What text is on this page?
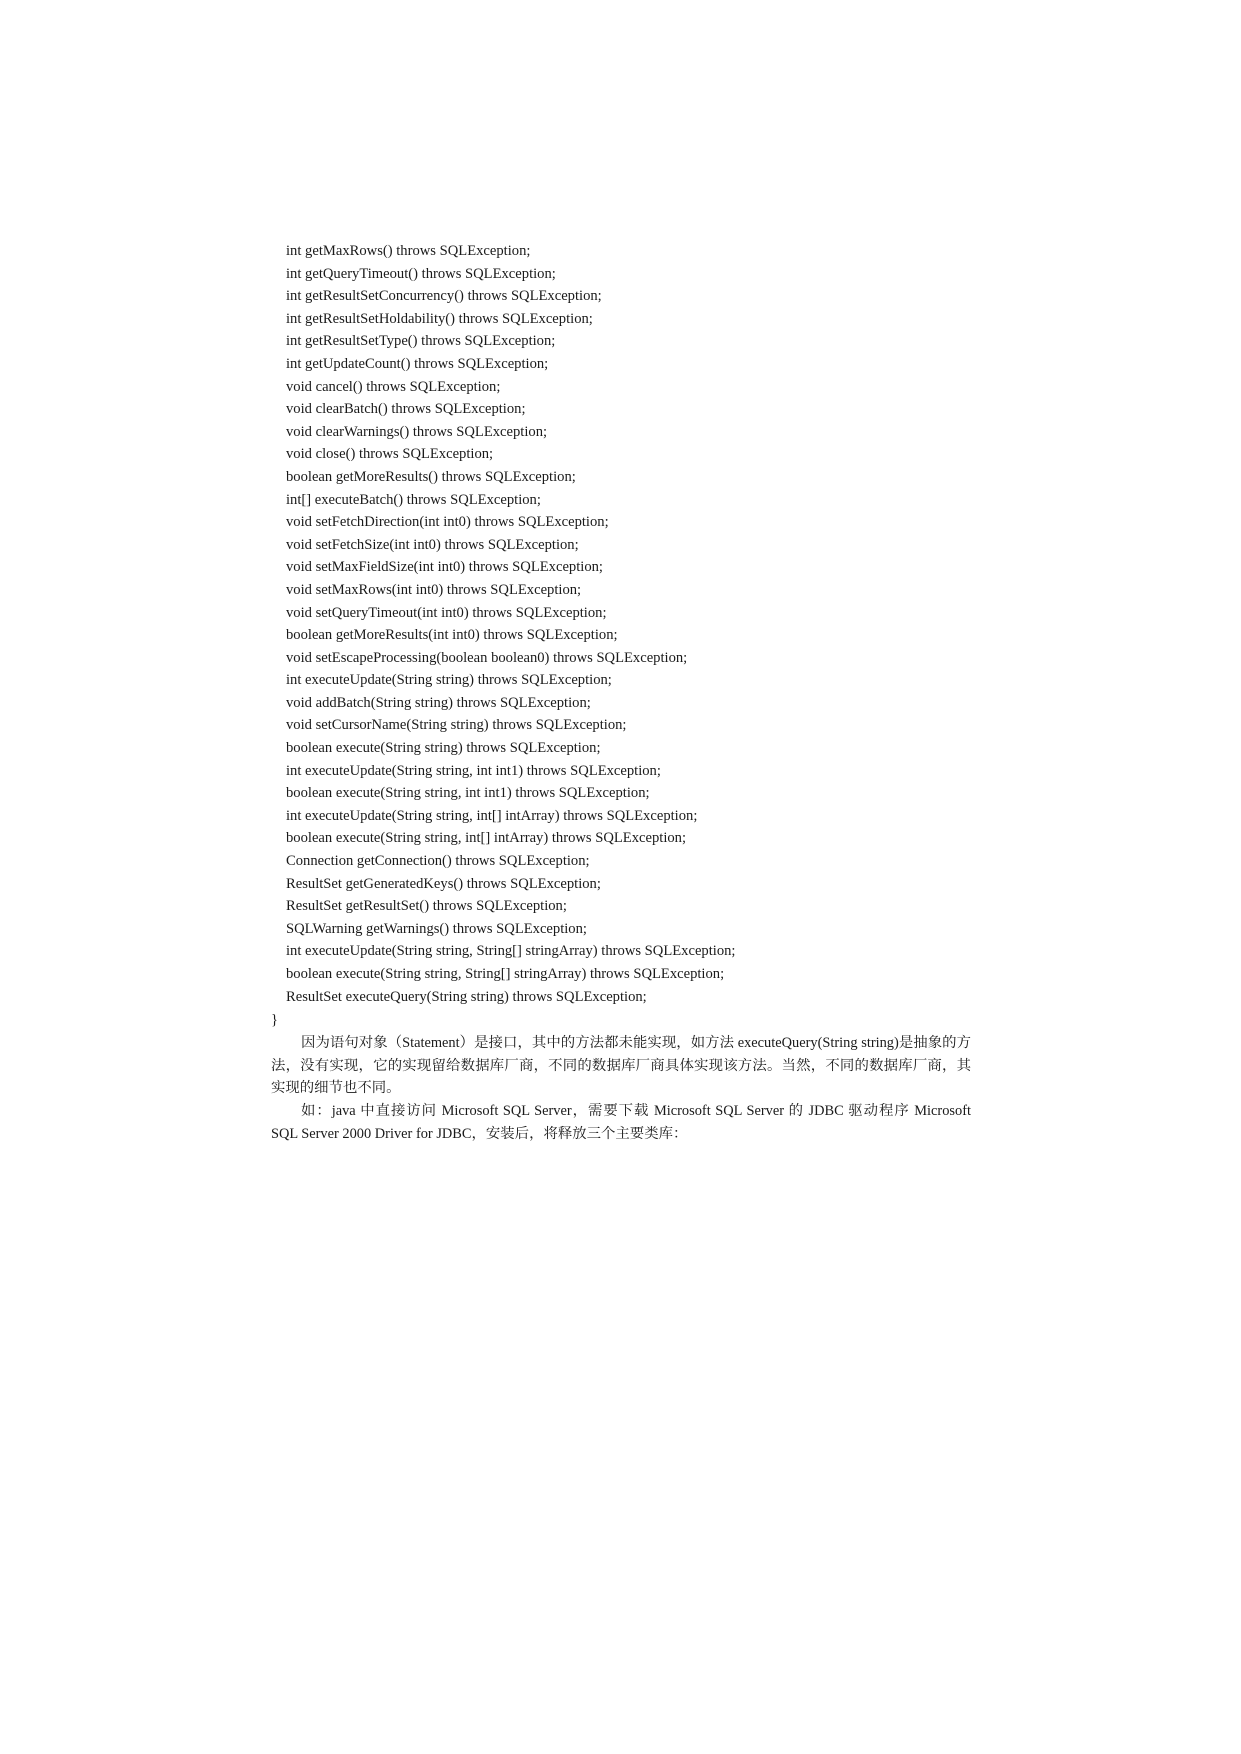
int getMaxRows() throws SQLException;
int getQueryTimeout() throws SQLException;
int getResultSetConcurrency() throws SQLException;
int getResultSetHoldability() throws SQLException;
int getResultSetType() throws SQLException;
int getUpdateCount() throws SQLException;
void cancel() throws SQLException;
void clearBatch() throws SQLException;
void clearWarnings() throws SQLException;
void close() throws SQLException;
boolean getMoreResults() throws SQLException;
int[] executeBatch() throws SQLException;
void setFetchDirection(int int0) throws SQLException;
void setFetchSize(int int0) throws SQLException;
void setMaxFieldSize(int int0) throws SQLException;
void setMaxRows(int int0) throws SQLException;
void setQueryTimeout(int int0) throws SQLException;
boolean getMoreResults(int int0) throws SQLException;
void setEscapeProcessing(boolean boolean0) throws SQLException;
int executeUpdate(String string) throws SQLException;
void addBatch(String string) throws SQLException;
void setCursorName(String string) throws SQLException;
boolean execute(String string) throws SQLException;
int executeUpdate(String string, int int1) throws SQLException;
boolean execute(String string, int int1) throws SQLException;
int executeUpdate(String string, int[] intArray) throws SQLException;
boolean execute(String string, int[] intArray) throws SQLException;
Connection getConnection() throws SQLException;
ResultSet getGeneratedKeys() throws SQLException;
ResultSet getResultSet() throws SQLException;
SQLWarning getWarnings() throws SQLException;
int executeUpdate(String string, String[] stringArray) throws SQLException;
boolean execute(String string, String[] stringArray) throws SQLException;
ResultSet executeQuery(String string) throws SQLException;
}

因为语句对象（Statement）是接口，其中的方法都未能实现，如方法 executeQuery(String string)是抽象的方法，没有实现，它的实现留给数据库厂商，不同的数据库厂商具体实现该方法。当然，不同的数据库厂商，其实现的细节也不同。

如：java 中直接访问 Microsoft SQL Server，需要下载 Microsoft SQL Server 的 JDBC 驱动程序 Microsoft SQL Server 2000 Driver for JDBC，安装后，将释放三个主要类库：
